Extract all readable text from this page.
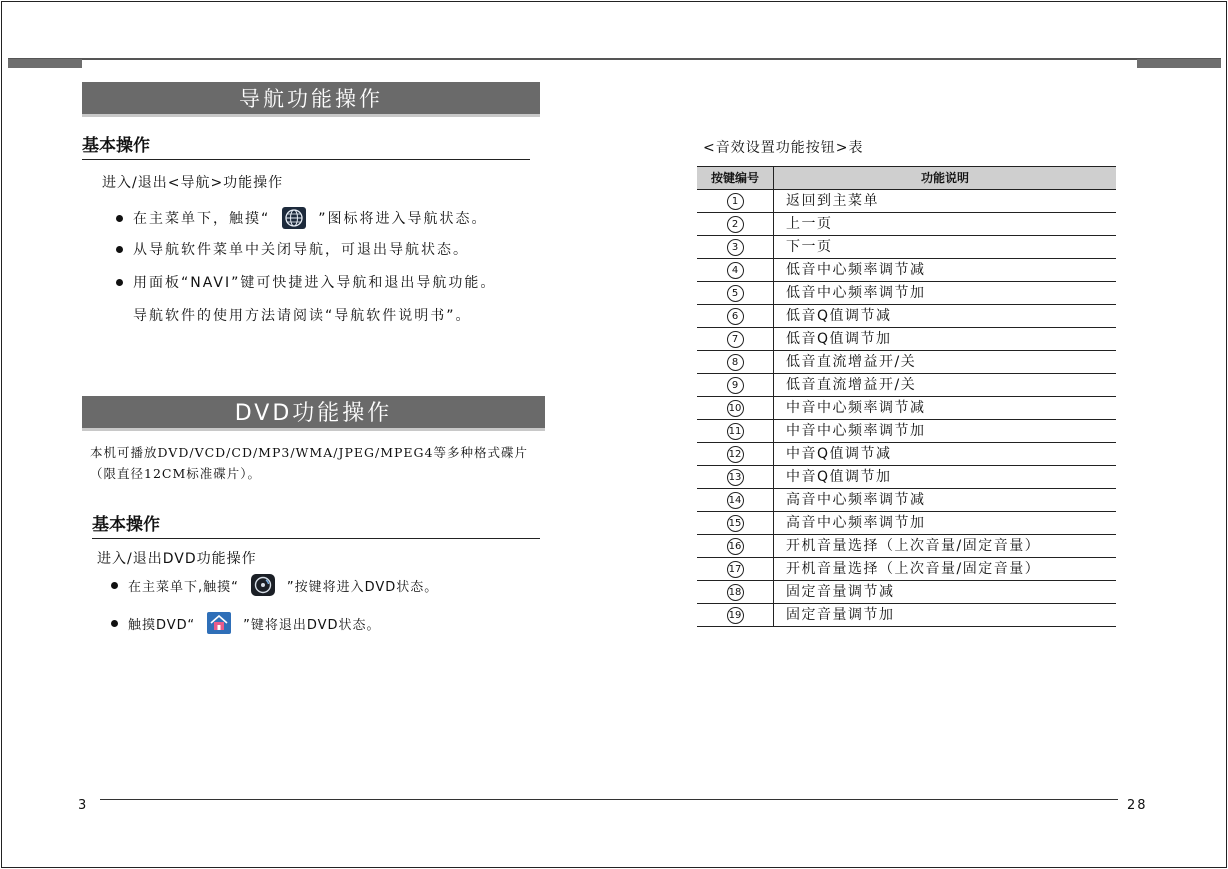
导航功能操作
基本操作
进入/退出<导航>功能操作
在主菜单下，触摸“	”图标将进入导航状态。
从导航软件菜单中关闭导航，可退出导航状态。
用面板“NAVI”键可快捷进入导航和退出导航功能。
导航软件的使用方法请阅读“导航软件说明书”。
DVD功能操作
本机可播放DVD/VCD/CD/MP3/WMA/JPEG/MPEG4等多种格式碟片
（限直径12CM标准碟片）。
基本操作
进入/退出DVD功能操作
在主菜单下,触摸“	”按键将进入DVD状态。
触摸DVD“	”键将退出DVD状态。
<音效设置功能按钮>表
按键编号	功能说明
1	返回到主菜单
2	上一页
3	下一页
4	低音中心频率调节减
5	低音中心频率调节加
6	低音Q值调节减
7	低音Q值调节加
8	低音直流增益开/关
9	低音直流增益开/关
10	中音中心频率调节减
11	中音中心频率调节加
12	中音Q值调节减
13	中音Q值调节加
14	高音中心频率调节减
15	高音中心频率调节加
16	开机音量选择（上次音量/固定音量）
17	开机音量选择（上次音量/固定音量）
18	固定音量调节减
19	固定音量调节加
3	28
